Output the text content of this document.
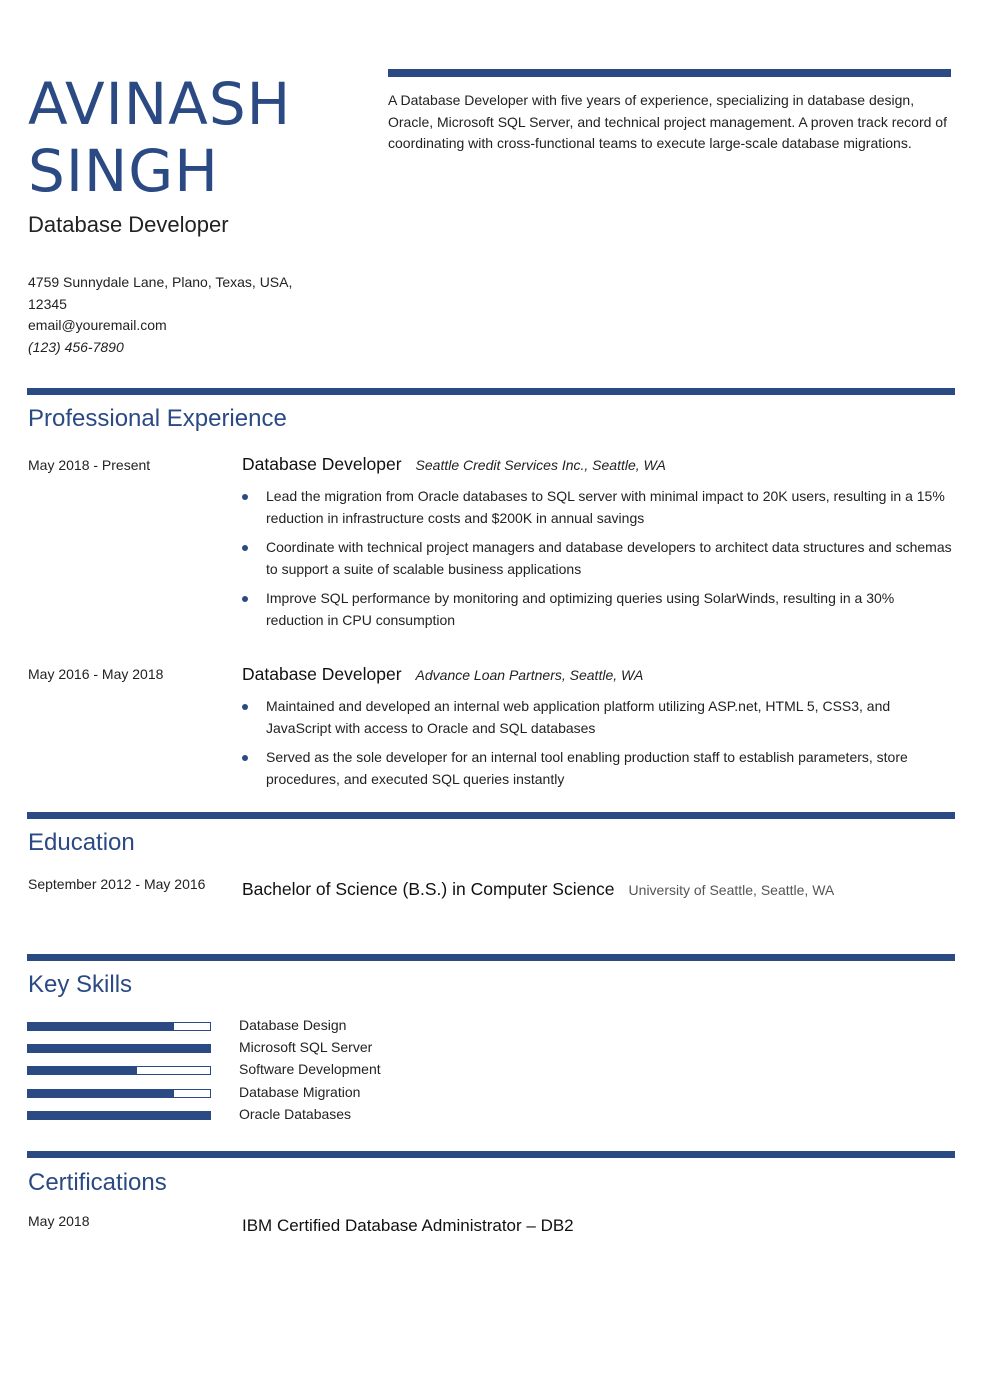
AVINASH
SINGH
Database Developer
4759 Sunnydale Lane, Plano, Texas, USA, 12345
email@youremail.com
(123) 456-7890
A Database Developer with five years of experience, specializing in database design, Oracle, Microsoft SQL Server, and technical project management. A proven track record of coordinating with cross-functional teams to execute large-scale database migrations.
Professional Experience
May 2018 - Present	Database Developer Seattle Credit Services Inc., Seattle, WA
Lead the migration from Oracle databases to SQL server with minimal impact to 20K users, resulting in a 15% reduction in infrastructure costs and $200K in annual savings
Coordinate with technical project managers and database developers to architect data structures and schemas to support a suite of scalable business applications
Improve SQL performance by monitoring and optimizing queries using SolarWinds, resulting in a 30% reduction in CPU consumption
May 2016 - May 2018	Database Developer Advance Loan Partners, Seattle, WA
Maintained and developed an internal web application platform utilizing ASP.net, HTML 5, CSS3, and JavaScript with access to Oracle and SQL databases
Served as the sole developer for an internal tool enabling production staff to establish parameters, store procedures, and executed SQL queries instantly
Education
September 2012 - May 2016 Bachelor of Science (B.S.) in Computer Science University of Seattle, Seattle, WA
Key Skills
Database Design
Microsoft SQL Server
Software Development
Database Migration
Oracle Databases
Certifications
May 2018	IBM Certified Database Administrator – DB2
